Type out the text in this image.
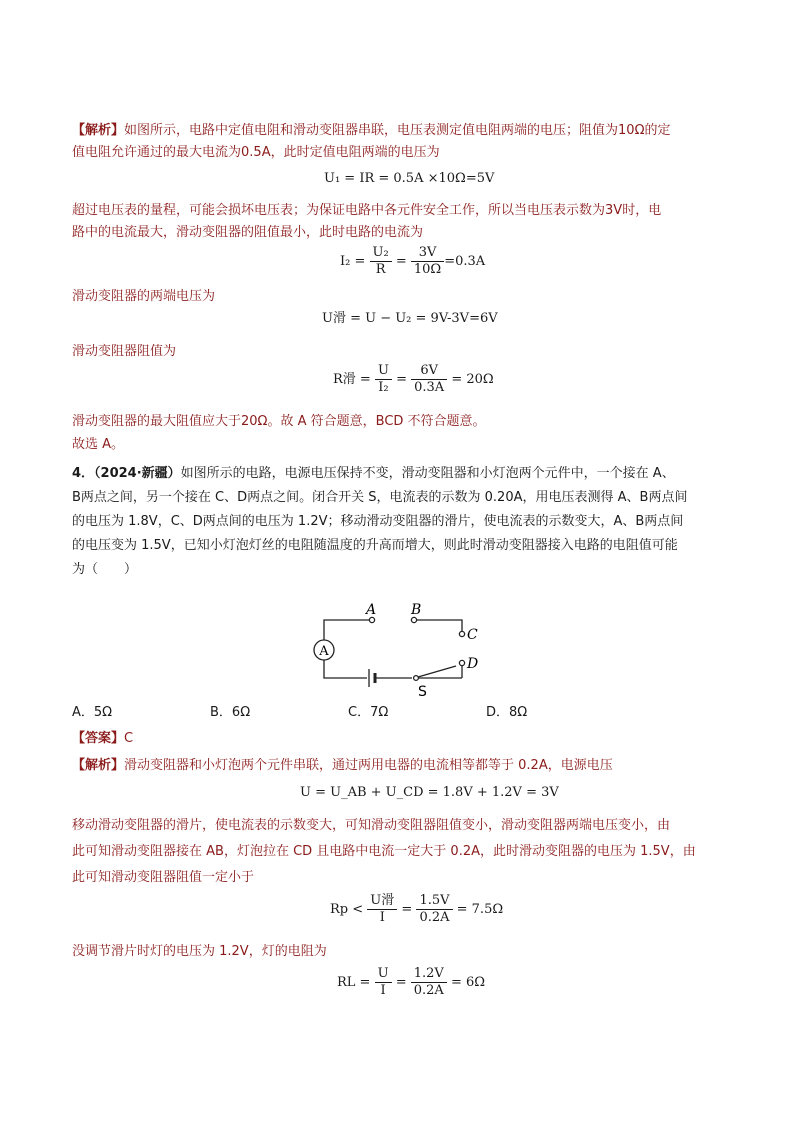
【解析】如图所示，电路中定值电阻和滑动变阻器串联，电压表测定值电阻两端的电压；阻值为10Ω的定
值电阻允许通过的最大电流为0.5A，此时定值电阻两端的电压为
U₁ = IR = 0.5A ×10Ω=5V
超过电压表的量程，可能会损坏电压表；为保证电路中各元件安全工作，所以当电压表示数为3V时，电
路中的电流最大，滑动变阻器的阻值最小，此时电路的电流为
$I_2 = \frac{\text{U₂}}{R} = \frac{3V}{10\Omega} =0.3A$
滑动变阻器的两端电压为
U滑 = U − U₂ = 9V-3V=6V
滑动变阻器阻值为
R滑 = $\frac{U}{\text{I₂}} = \frac{6V}{0.3A} = 20\Omega$
滑动变阻器的最大阻值应大于20Ω。故 A 符合题意，BCD 不符合题意。
故选 A。
4．（2024·新疆）如图所示的电路，电源电压保持不变，滑动变阻器和小灯泡两个元件中，一个接在 A、
B两点之间，另一个接在 C、D两点之间。闭合开关 S，电流表的示数为 0.20A，用电压表测得 A、B两点间
的电压为 1.8V，C、D两点间的电压为 1.2V；移动滑动变阻器的滑片，使电流表的示数变大，A、B两点间
的电压变为 1.5V，已知小灯泡灯丝的电阻随温度的升高而增大，则此时滑动变阻器接入电路的电阻值可能
为（　　）
A
A B
C
D
S
A．5Ω	B．6Ω	C．7Ω	D．8Ω
【答案】C
【解析】滑动变阻器和小灯泡两个元件串联，通过两用电器的电流相等都等于 0.2A，电源电压
U = U_AB + U_CD = 1.8V + 1.2V = 3V
移动滑动变阻器的滑片，使电流表的示数变大，可知滑动变阻器阻值变小，滑动变阻器两端电压变小，由
此可知滑动变阻器接在 AB，灯泡拉在 CD 且电路中电流一定大于 0.2A，此时滑动变阻器的电压为 1.5V，由
此可知滑动变阻器阻值一定小于
$Rp < \frac{\text{U滑}}{I} = \frac{1.5V}{0.2A} = 7.5\Omega$
没调节滑片时灯的电压为 1.2V，灯的电阻为
RL = $\frac{U}{I} = \frac{1.2V}{0.2A} = 6\Omega$
